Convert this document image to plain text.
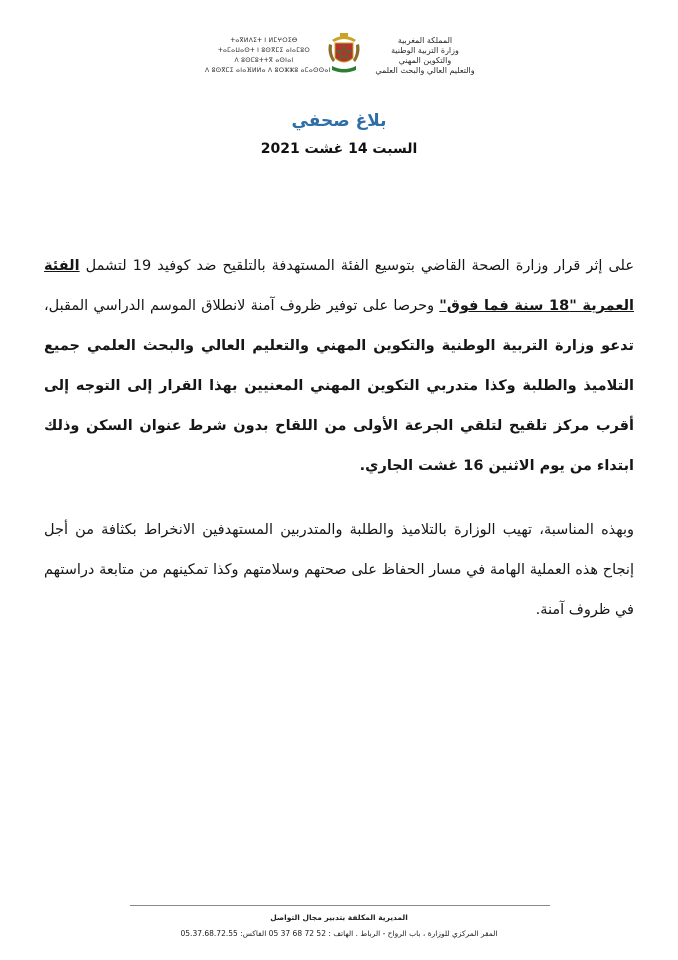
ⵜⴰⴳⵍⴷⵉⵜ ⵏ ⵍⵎⵖⵔⵉⴱ
ⵜⴰⵎⴰⵡⴰⵙⵜ ⵏ ⵓⵙⴳⵎⵉ ⴰⵏⴰⵎⵓⵔ
ⴷ ⵓⵙⵎⵓⵜⵜⴳ ⴰⵙⵏⴰⵏ
ⴷ ⵓⵙⴳⵎⵉ ⴰⵏⴰⴼⵍⵍⴰ ⴷ ⵓⵔⵣⵣⵓ ⴰⵎⴰⵙⵙⴰⵏ
المملكة المغربية
وزارة التربية الوطنية
والتكوين المهني
والتعليم العالي والبحث العلمي
بلاغ صحفي
السبت 14 غشت 2021

على إثر قرار وزارة الصحة القاضي بتوسيع الفئة المستهدفة بالتلقيح ضد كوفيد 19 لتشمل الفئة العمرية "18 سنة فما فوق" وحرصا على توفير ظروف آمنة لانطلاق الموسم الدراسي المقبل، تدعو وزارة التربية الوطنية والتكوين المهني والتعليم العالي والبحث العلمي جميع التلاميذ والطلبة وكذا متدربي التكوين المهني المعنيين بهذا القرار إلى التوجه إلى أقرب مركز تلقيح لتلقي الجرعة الأولى من اللقاح بدون شرط عنوان السكن وذلك ابتداء من يوم الاثنين 16 غشت الجاري.

وبهذه المناسبة، تهيب الوزارة بالتلاميذ والطلبة والمتدربين المستهدفين الانخراط بكثافة من أجل إنجاح هذه العملية الهامة في مسار الحفاظ على صحتهم وسلامتهم وكذا تمكينهم من متابعة دراستهم في ظروف آمنة.

المديرية المكلفة بتدبير مجال التواصل
المقر المركزي للوزارة ، باب الرواح - الرباط . الهاتف : 52 72 68 37 05 الفاكس: 05.37.68.72.55
